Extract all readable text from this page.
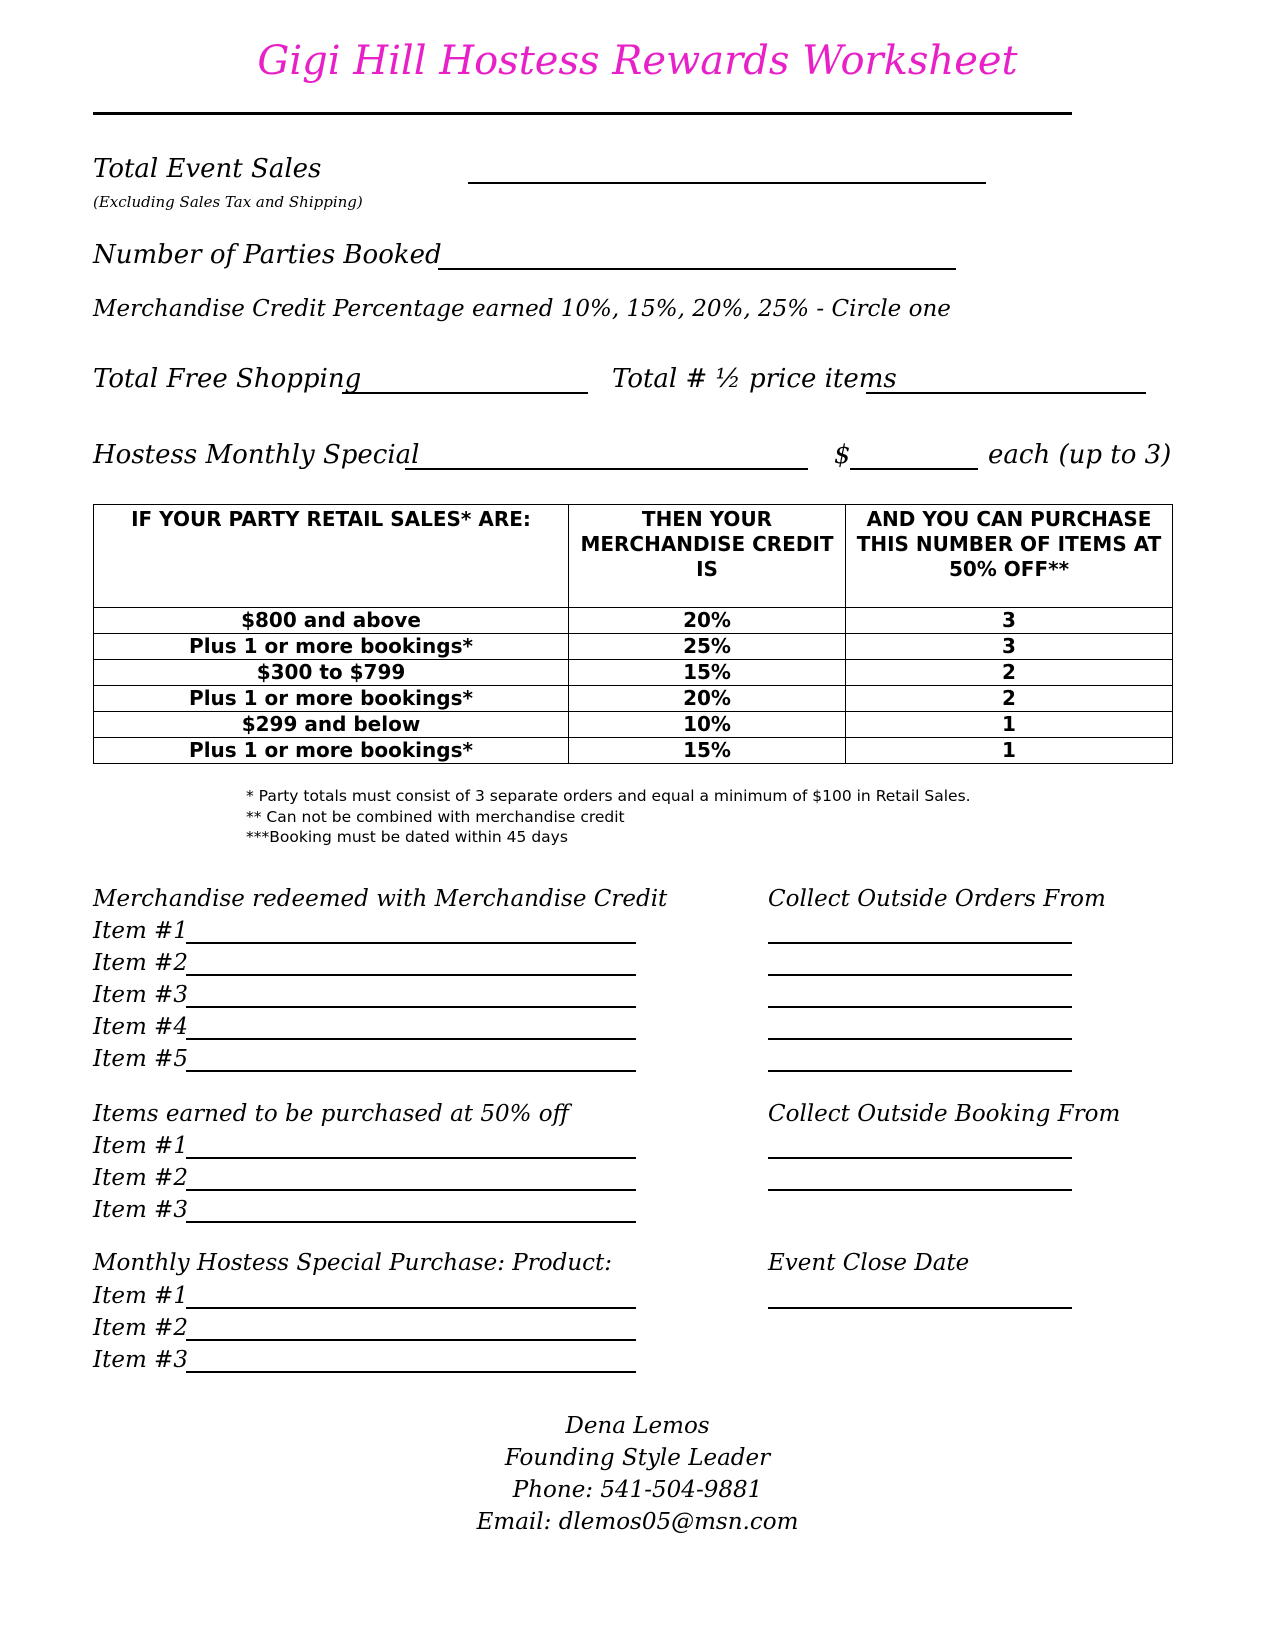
Gigi Hill Hostess Rewards Worksheet
Total Event Sales
(Excluding Sales Tax and Shipping)
Number of Parties Booked
Merchandise Credit Percentage earned 10%, 15%, 20%, 25% - Circle one
Total Free Shopping	Total # ½ price items
Hostess Monthly Special	$	each (up to 3)
IF YOUR PARTY RETAIL SALES* ARE:	THEN YOUR MERCHANDISE CREDIT IS	AND YOU CAN PURCHASE THIS NUMBER OF ITEMS AT 50% OFF**
$800 and above	20%	3
Plus 1 or more bookings*	25%	3
$300 to $799	15%	2
Plus 1 or more bookings*	20%	2
$299 and below	10%	1
Plus 1 or more bookings*	15%	1
* Party totals must consist of 3 separate orders and equal a minimum of $100 in Retail Sales.
** Can not be combined with merchandise credit
***Booking must be dated within 45 days
Merchandise redeemed with Merchandise Credit
Item #1
Item #2
Item #3
Item #4
Item #5
Collect Outside Orders From
Items earned to be purchased at 50% off
Item #1
Item #2
Item #3
Collect Outside Booking From
Monthly Hostess Special Purchase: Product:
Item #1
Item #2
Item #3
Event Close Date
Dena Lemos
Founding Style Leader
Phone: 541-504-9881
Email: dlemos05@msn.com
